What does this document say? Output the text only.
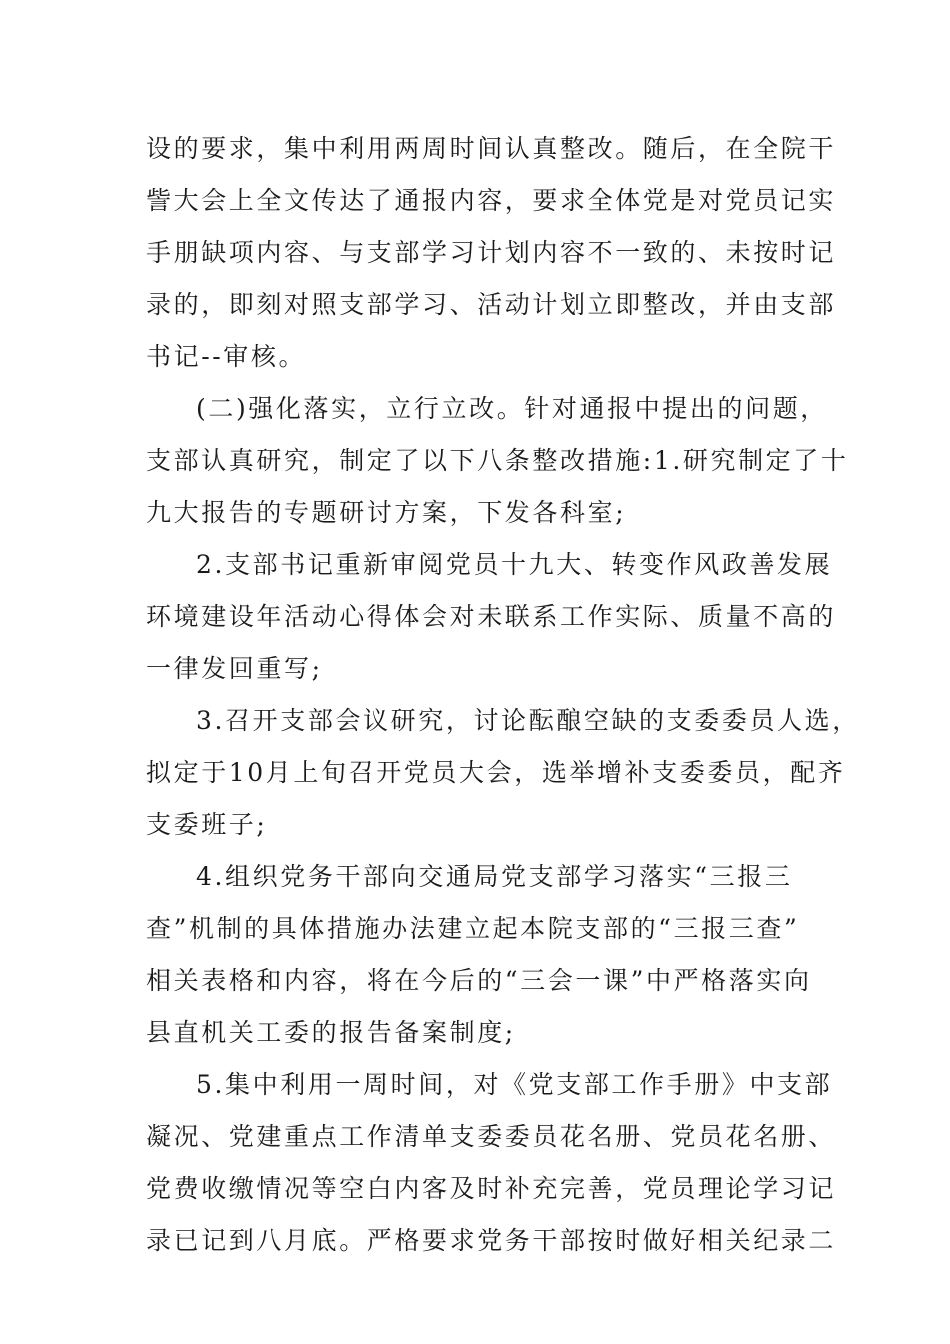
设的要求，集中利用两周时间认真整改。随后，在全院干
訾大会上全文传达了通报内容，要求全体党是对党员记实
手朋缺项内容、与支部学习计划内容不一致的、未按时记
录的，即刻对照支部学习、活动计划立即整改，并由支部
书记--审核。
(二)强化落实，立行立改。针对通报中提出的问题，
支部认真研究，制定了以下八条整改措施:1.研究制定了十
九大报告的专题研讨方案，下发各科室;
2.支部书记重新审阅党员十九大、转变作风政善发展
环境建设年活动心得体会对未联系工作实际、质量不高的
一律发回重写;
3.召开支部会议研究，讨论酝酿空缺的支委委员人选，
拟定于10月上旬召开党员大会，选举增补支委委员，配齐
支委班子;
4.组织党务干部向交通局党支部学习落实“三报三
查”机制的具体措施办法建立起本院支部的“三报三查”
相关表格和内容，将在今后的“三会一课”中严格落实向
县直机关工委的报告备案制度;
5.集中利用一周时间，对《党支部工作手册》中支部
凝况、党建重点工作清单支委委员花名册、党员花名册、
党费收缴情况等空白内客及时补充完善，党员理论学习记
录已记到八月底。严格要求党务干部按时做好相关纪录二
